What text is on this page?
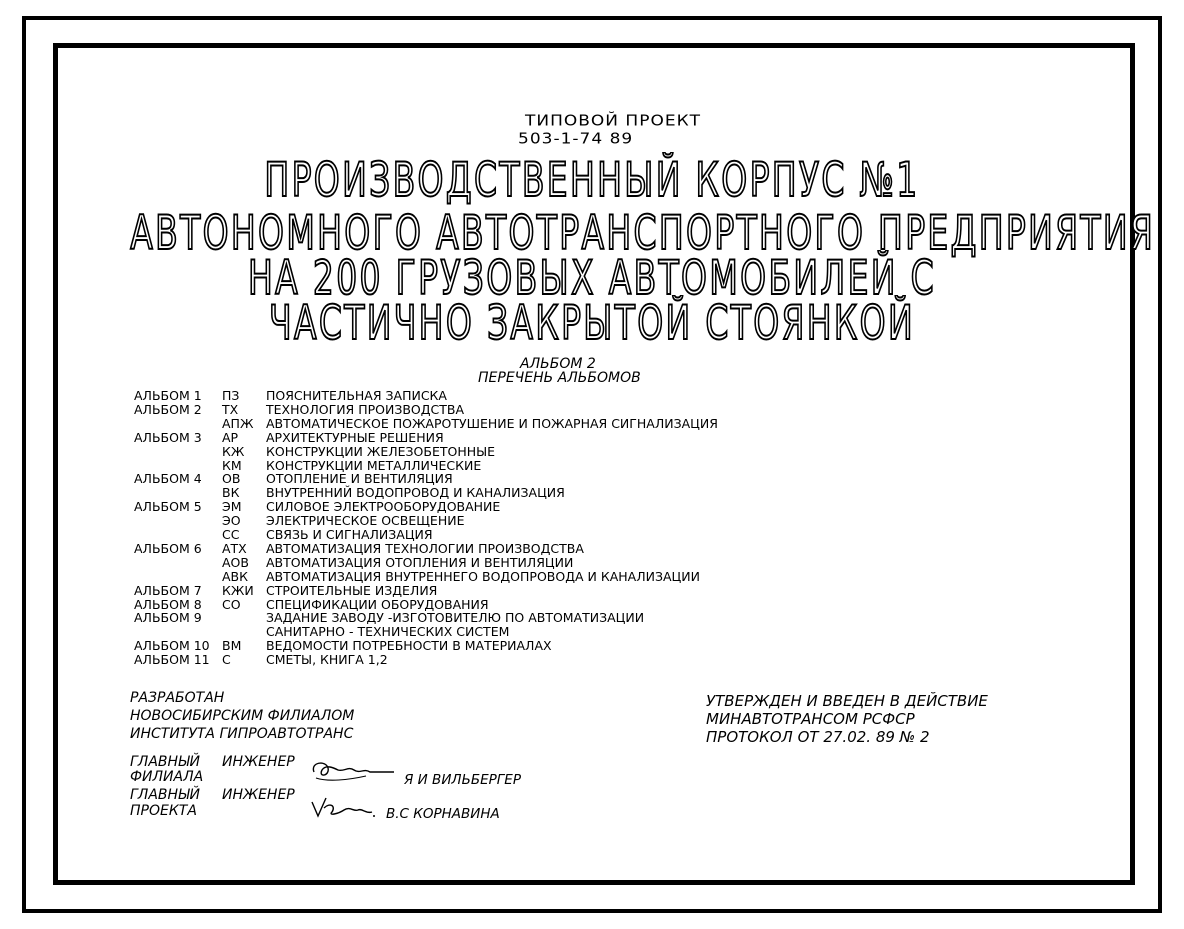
ТИПОВОЙ ПРОЕКТ
503-1-74 89
ПРОИЗВОДСТВЕННЫЙ КОРПУС №1
АВТОНОМНОГО АВТОТРАНСПОРТНОГО ПРЕДПРИЯТИЯ
НА 200 ГРУЗОВЫХ АВТОМОБИЛЕЙ С
ЧАСТИЧНО ЗАКРЫТОЙ СТОЯНКОЙ
АЛЬБОМ 2
ПЕРЕЧЕНЬ АЛЬБОМОВ
АЛЬБОМ 1 ПЗ ПОЯСНИТЕЛЬНАЯ ЗАПИСКА
АЛЬБОМ 2 ТХ ТЕХНОЛОГИЯ ПРОИЗВОДСТВА
АПЖ АВТОМАТИЧЕСКОЕ ПОЖАРОТУШЕНИЕ И ПОЖАРНАЯ СИГНАЛИЗАЦИЯ
АЛЬБОМ 3 АР АРХИТЕКТУРНЫЕ РЕШЕНИЯ
КЖ КОНСТРУКЦИИ ЖЕЛЕЗОБЕТОННЫЕ
КМ КОНСТРУКЦИИ МЕТАЛЛИЧЕСКИЕ
АЛЬБОМ 4 ОВ ОТОПЛЕНИЕ И ВЕНТИЛЯЦИЯ
ВК ВНУТРЕННИЙ ВОДОПРОВОД И КАНАЛИЗАЦИЯ
АЛЬБОМ 5 ЭМ СИЛОВОЕ ЭЛЕКТРООБОРУДОВАНИЕ
ЭО ЭЛЕКТРИЧЕСКОЕ ОСВЕЩЕНИЕ
СС СВЯЗЬ И СИГНАЛИЗАЦИЯ
АЛЬБОМ 6 АТХ АВТОМАТИЗАЦИЯ ТЕХНОЛОГИИ ПРОИЗВОДСТВА
АОВ АВТОМАТИЗАЦИЯ ОТОПЛЕНИЯ И ВЕНТИЛЯЦИИ
АВК АВТОМАТИЗАЦИЯ ВНУТРЕННЕГО ВОДОПРОВОДА И КАНАЛИЗАЦИИ
АЛЬБОМ 7 КЖИ СТРОИТЕЛЬНЫЕ ИЗДЕЛИЯ
АЛЬБОМ 8 СО СПЕЦИФИКАЦИИ ОБОРУДОВАНИЯ
АЛЬБОМ 9	ЗАДАНИЕ ЗАВОДУ -ИЗГОТОВИТЕЛЮ ПО АВТОМАТИЗАЦИИ
САНИТАРНО - ТЕХНИЧЕСКИХ СИСТЕМ
АЛЬБОМ 10 ВМ ВЕДОМОСТИ ПОТРЕБНОСТИ В МАТЕРИАЛАХ
АЛЬБОМ 11 С	СМЕТЫ, КНИГА 1,2
РАЗРАБОТАН
НОВОСИБИРСКИМ ФИЛИАЛОМ
ИНСТИТУТА ГИПРОАВТОТРАНС
УТВЕРЖДЕН И ВВЕДЕН В ДЕЙСТВИЕ
МИНАВТОТРАНСОМ РСФСР
ПРОТОКОЛ ОТ 27.02. 89 № 2
ГЛАВНЫЙ ИНЖЕНЕР
ФИЛИАЛА	Я И ВИЛЬБЕРГЕР
ГЛАВНЫЙ ИНЖЕНЕР
ПРОЕКТА	В.С КОРНАВИНА
